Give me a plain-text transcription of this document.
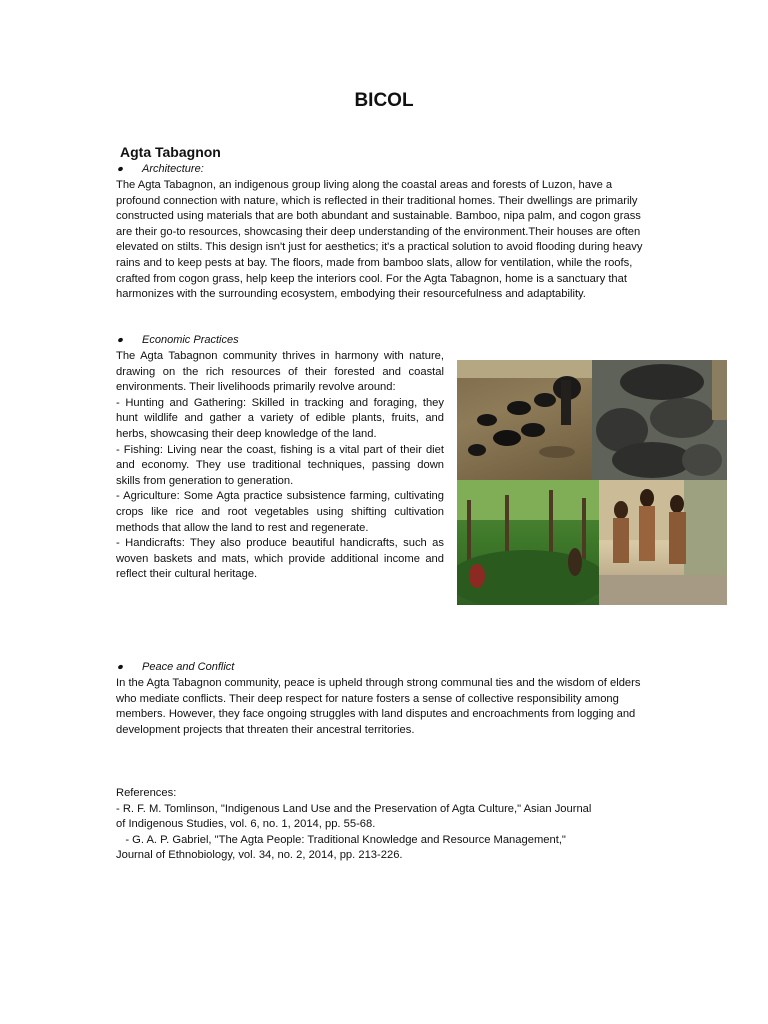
BICOL
Agta Tabagnon
Architecture:

The Agta Tabagnon, an indigenous group living along the coastal areas and forests of Luzon, have a profound connection with nature, which is reflected in their traditional homes. Their dwellings are primarily constructed using materials that are both abundant and sustainable. Bamboo, nipa palm, and cogon grass are their go-to resources, showcasing their deep understanding of the environment.Their houses are often elevated on stilts. This design isn't just for aesthetics; it's a practical solution to avoid flooding during heavy rains and to keep pests at bay. The floors, made from bamboo slats, allow for ventilation, while the roofs, crafted from cogon grass, help keep the interiors cool. For the Agta Tabagnon, home is a sanctuary that harmonizes with the surrounding ecosystem, embodying their resourcefulness and adaptability.

Economic Practices

The Agta Tabagnon community thrives in harmony with nature, drawing on the rich resources of their forested and coastal environments. Their livelihoods primarily revolve around:

- Hunting and Gathering: Skilled in tracking and foraging, they hunt wildlife and gather a variety of edible plants, fruits, and herbs, showcasing their deep knowledge of the land.

- Fishing: Living near the coast, fishing is a vital part of their diet and economy. They use traditional techniques, passing down skills from generation to generation.

- Agriculture: Some Agta practice subsistence farming, cultivating crops like rice and root vegetables using shifting cultivation methods that allow the land to rest and regenerate.

- Handicrafts: They also produce beautiful handicrafts, such as woven baskets and mats, which provide additional income and reflect their cultural heritage.

Peace and Conflict

In the Agta Tabagnon community, peace is upheld through strong communal ties and the wisdom of elders who mediate conflicts. Their deep respect for nature fosters a sense of collective responsibility among members. However, they face ongoing struggles with land disputes and encroachments from logging and development projects that threaten their ancestral territories.

References:
- R. F. M. Tomlinson, "Indigenous Land Use and the Preservation of Agta Culture," Asian Journal
of Indigenous Studies, vol. 6, no. 1, 2014, pp. 55-68.
- G. A. P. Gabriel, "The Agta People: Traditional Knowledge and Resource Management,"
Journal of Ethnobiology, vol. 34, no. 2, 2014, pp. 213-226.
